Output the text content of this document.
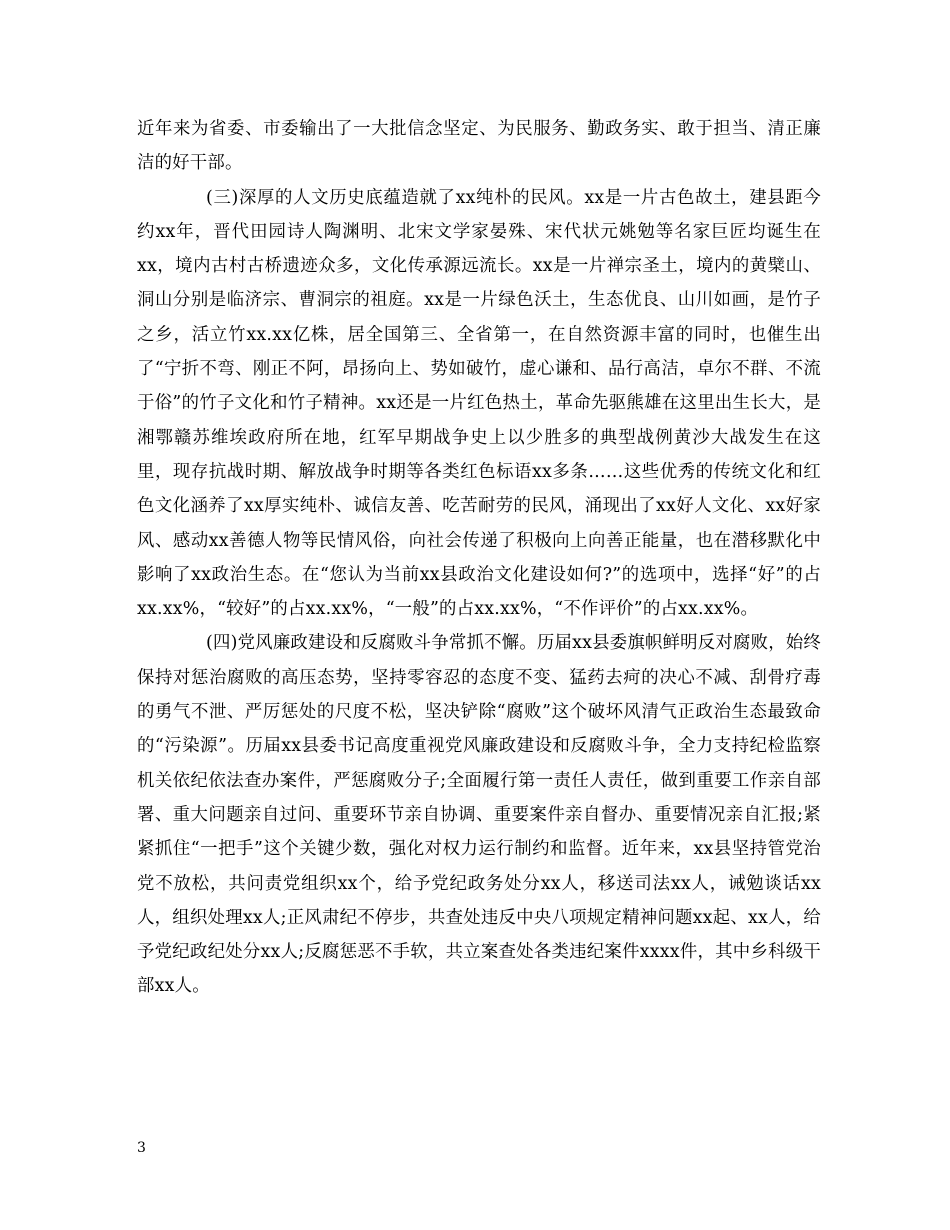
近年来为省委、市委输出了一大批信念坚定、为民服务、勤政务实、敢于担当、清正廉洁的好干部。

(三)深厚的人文历史底蕴造就了xx纯朴的民风。xx是一片古色故土，建县距今约xx年，晋代田园诗人陶渊明、北宋文学家晏殊、宋代状元姚勉等名家巨匠均诞生在xx，境内古村古桥遗迹众多，文化传承源远流长。xx是一片禅宗圣土，境内的黄檗山、洞山分别是临济宗、曹洞宗的祖庭。xx是一片绿色沃土，生态优良、山川如画，是竹子之乡，活立竹xx.xx亿株，居全国第三、全省第一，在自然资源丰富的同时，也催生出了“宁折不弯、刚正不阿，昂扬向上、势如破竹，虚心谦和、品行高洁，卓尔不群、不流于俗”的竹子文化和竹子精神。xx还是一片红色热土，革命先驱熊雄在这里出生长大，是湘鄂赣苏维埃政府所在地，红军早期战争史上以少胜多的典型战例黄沙大战发生在这里，现存抗战时期、解放战争时期等各类红色标语xx多条……这些优秀的传统文化和红色文化涵养了xx厚实纯朴、诚信友善、吃苦耐劳的民风，涌现出了xx好人文化、xx好家风、感动xx善德人物等民情风俗，向社会传递了积极向上向善正能量，也在潜移默化中影响了xx政治生态。在“您认为当前xx县政治文化建设如何?”的选项中，选择“好”的占xx.xx%，“较好”的占xx.xx%，“一般”的占xx.xx%，“不作评价”的占xx.xx%。

(四)党风廉政建设和反腐败斗争常抓不懈。历届xx县委旗帜鲜明反对腐败，始终保持对惩治腐败的高压态势，坚持零容忍的态度不变、猛药去疴的决心不减、刮骨疗毒的勇气不泄、严厉惩处的尺度不松，坚决铲除“腐败”这个破坏风清气正政治生态最致命的“污染源”。历届xx县委书记高度重视党风廉政建设和反腐败斗争，全力支持纪检监察机关依纪依法查办案件，严惩腐败分子;全面履行第一责任人责任，做到重要工作亲自部署、重大问题亲自过问、重要环节亲自协调、重要案件亲自督办、重要情况亲自汇报;紧紧抓住“一把手”这个关键少数，强化对权力运行制约和监督。近年来，xx县坚持管党治党不放松，共问责党组织xx个，给予党纪政务处分xx人，移送司法xx人，诫勉谈话xx人，组织处理xx人;正风肃纪不停步，共查处违反中央八项规定精神问题xx起、xx人，给予党纪政纪处分xx人;反腐惩恶不手软，共立案查处各类违纪案件xxxx件，其中乡科级干部xx人。

3
